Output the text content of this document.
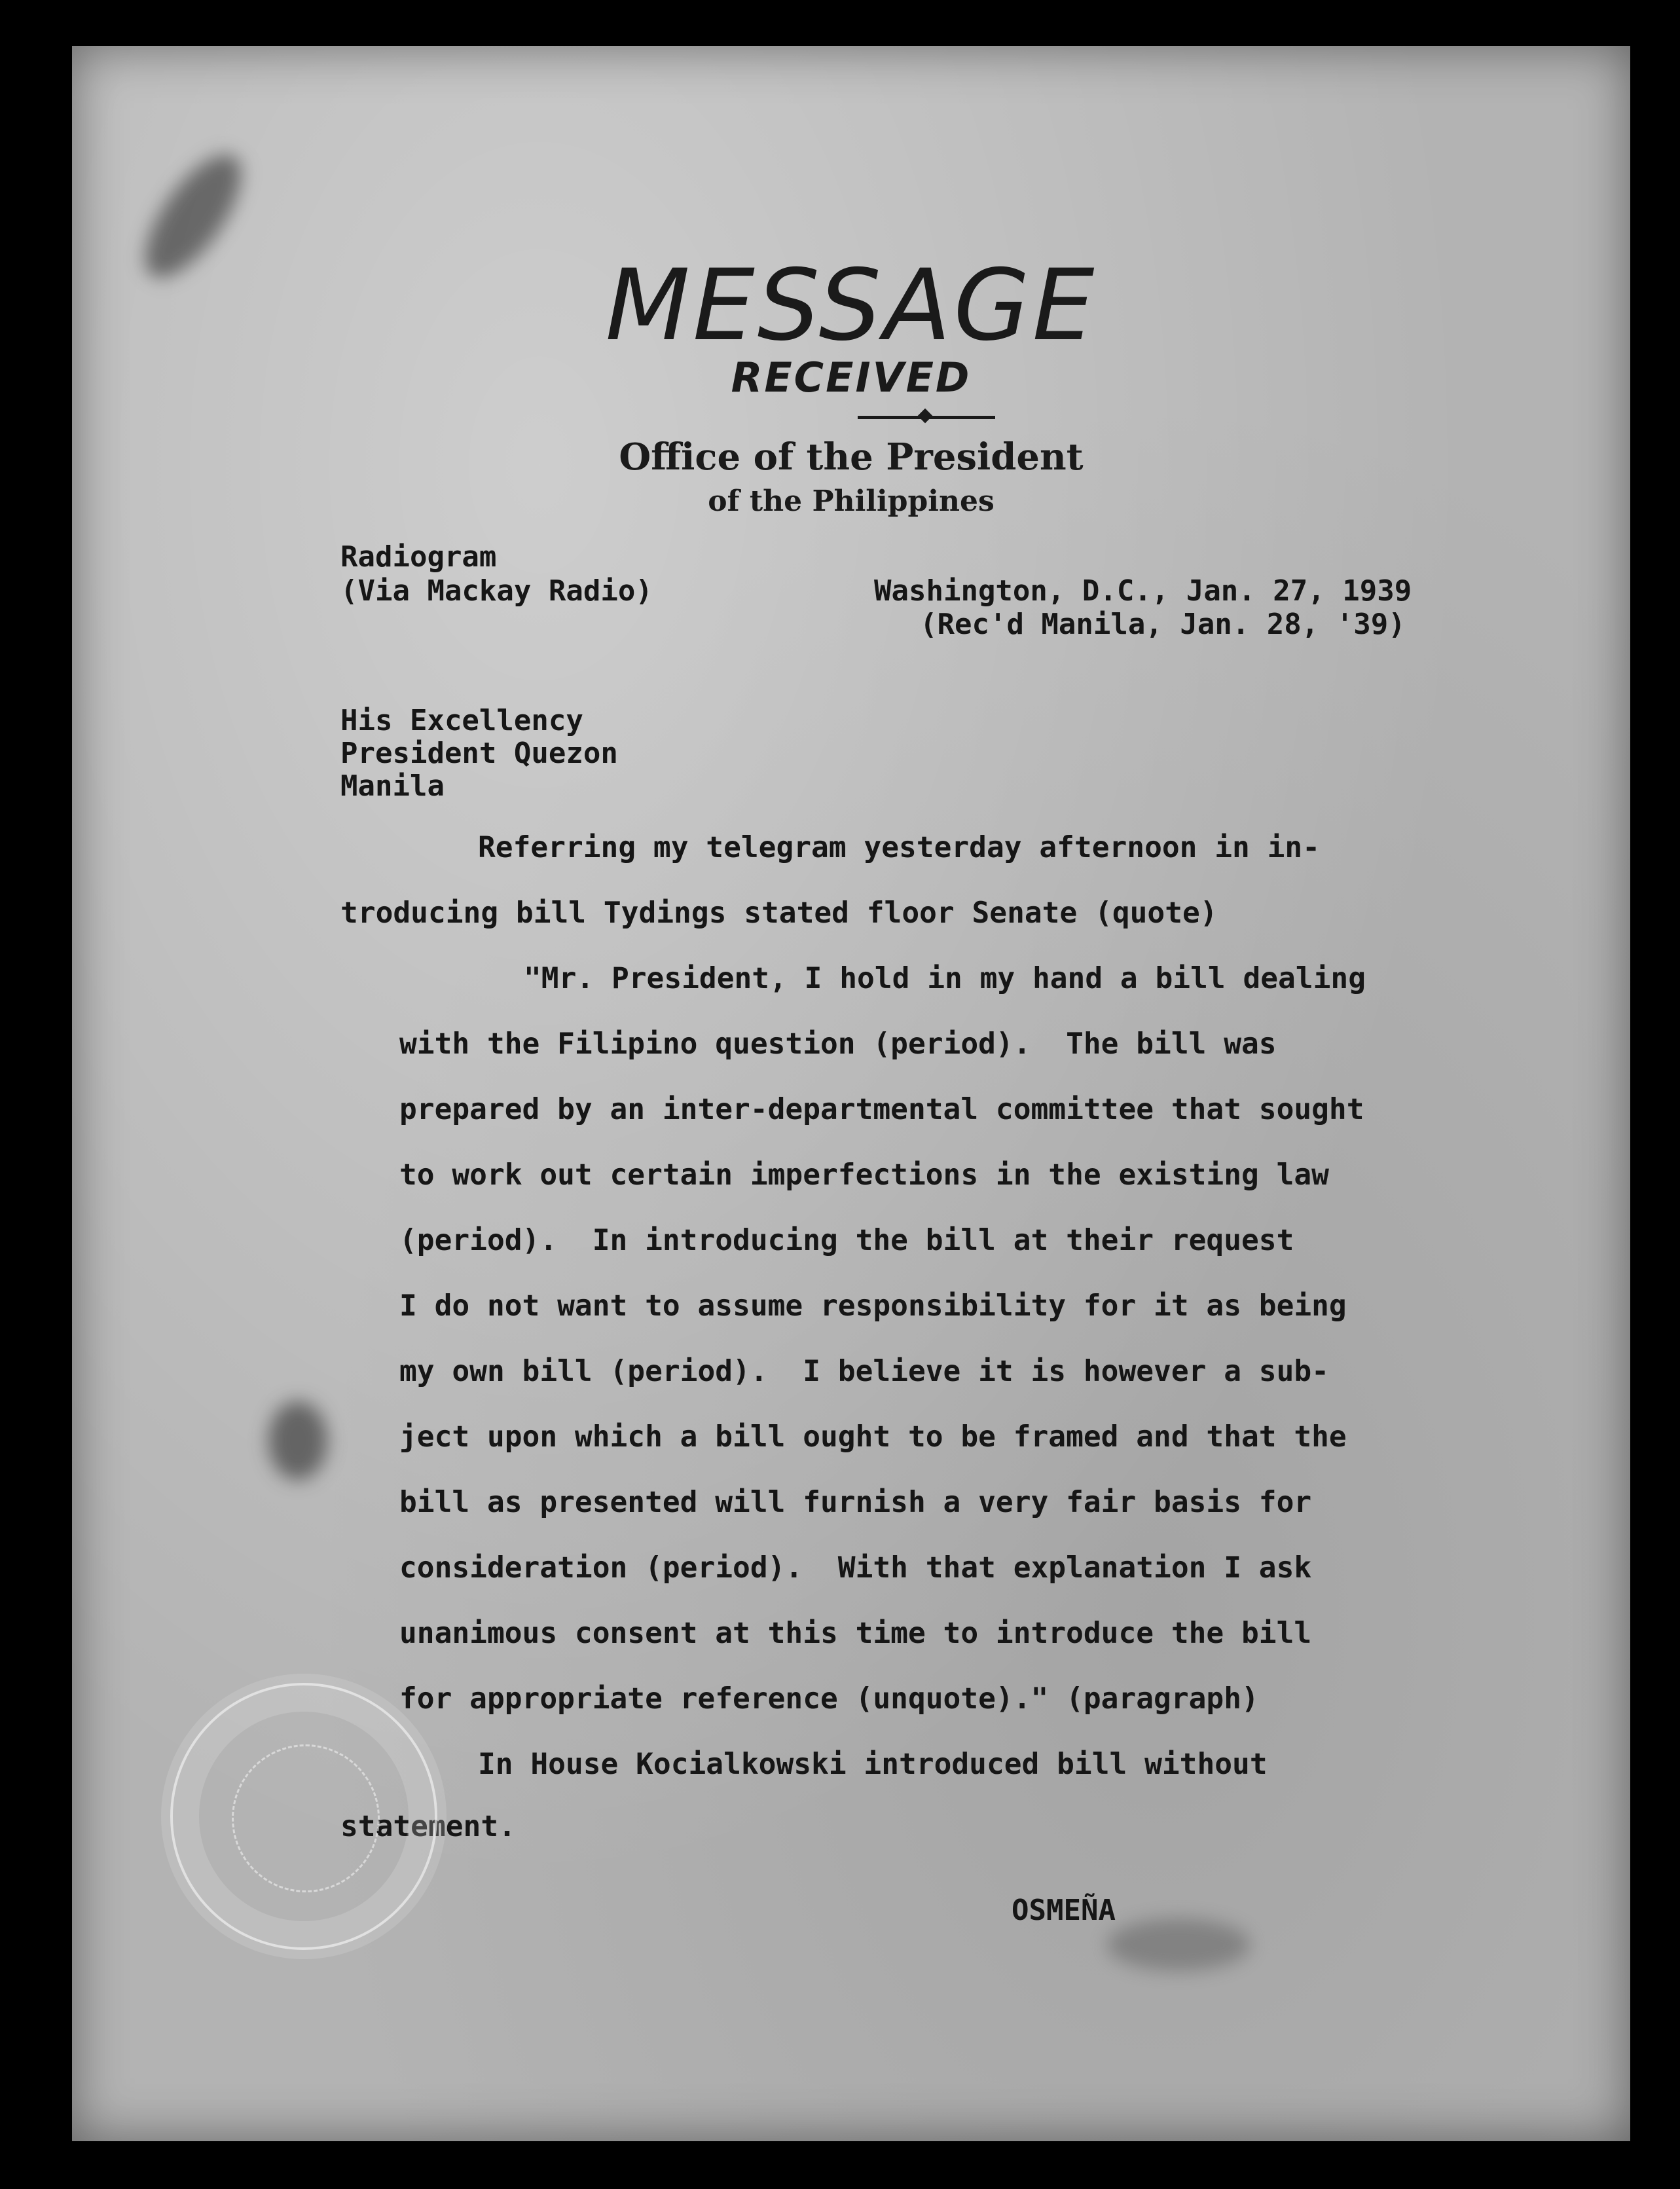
MESSAGE
RECEIVED
Office of the President
of the Philippines
Radiogram
(Via Mackay Radio)	Washington, D.C., Jan. 27, 1939
(Rec'd Manila, Jan. 28, '39)
His Excellency
President Quezon
Manila
Referring my telegram yesterday afternoon in in-
troducing bill Tydings stated floor Senate (quote)
"Mr. President, I hold in my hand a bill dealing
with the Filipino question (period).  The bill was
prepared by an inter-departmental committee that sought
to work out certain imperfections in the existing law
(period).  In introducing the bill at their request
I do not want to assume responsibility for it as being
my own bill (period).  I believe it is however a sub-
ject upon which a bill ought to be framed and that the
bill as presented will furnish a very fair basis for
consideration (period).  With that explanation I ask
unanimous consent at this time to introduce the bill
for appropriate reference (unquote)." (paragraph)
In House Kocialkowski introduced bill without
statement.
OSMEÑA
